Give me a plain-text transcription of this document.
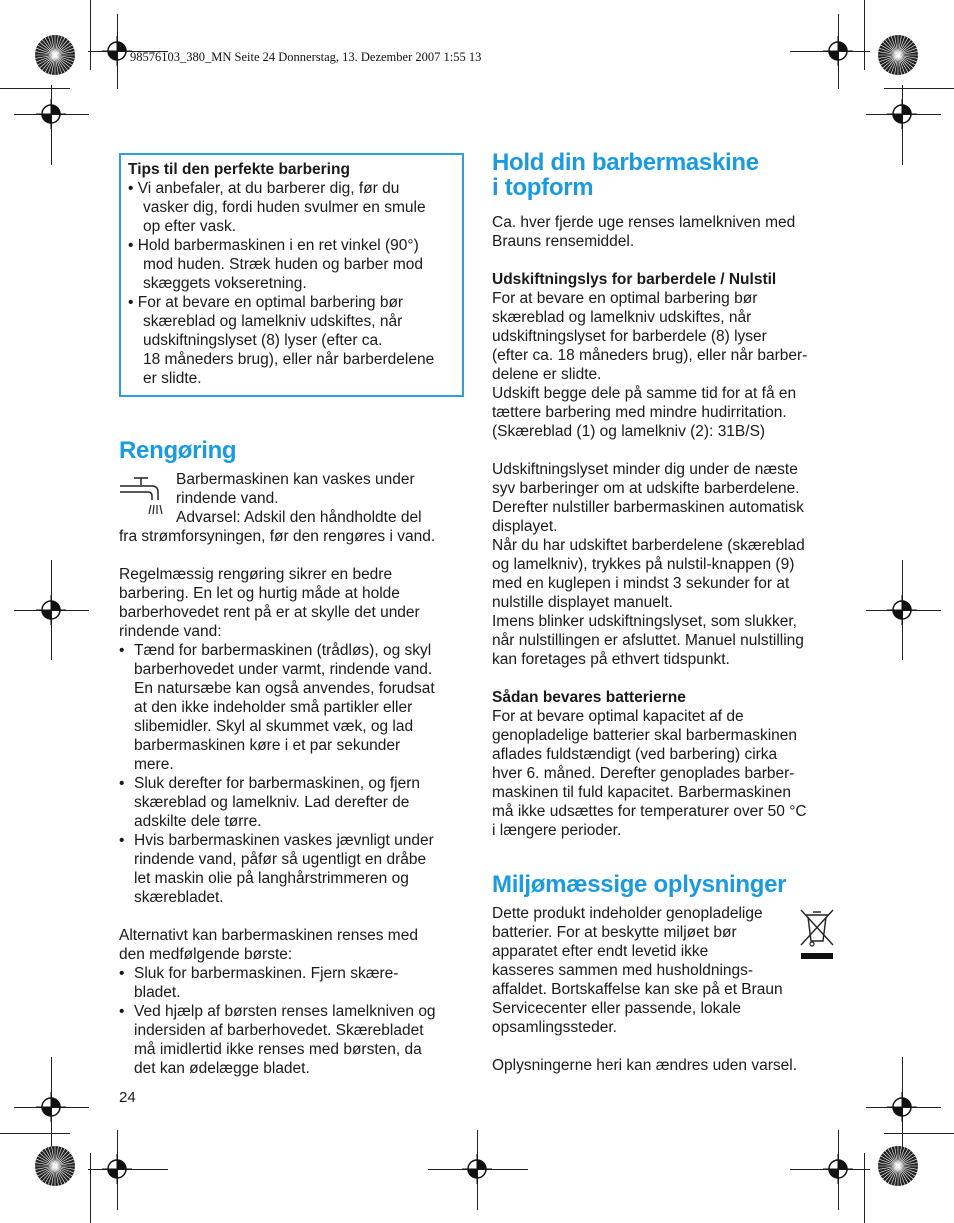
98576103_380_MN Seite 24 Donnerstag, 13. Dezember 2007 1:55 13
Tips til den perfekte barbering
• Vi anbefaler, at du barberer dig, før du
vasker dig, fordi huden svulmer en smule
op efter vask.
• Hold barbermaskinen i en ret vinkel (90°)
mod huden. Stræk huden og barber mod
skæggets vokseretning.
• For at bevare en optimal barbering bør
skæreblad og lamelkniv udskiftes, når
udskiftningslyset (8) lyser (efter ca.
18 måneders brug), eller når barberdelene
er slidte.
Rengøring
Barbermaskinen kan vaskes under
rindende vand.
Advarsel: Adskil den håndholdte del
fra strømforsyningen, før den rengøres i vand.
Regelmæssig rengøring sikrer en bedre
barbering. En let og hurtig måde at holde
barberhovedet rent på er at skylle det under
rindende vand:
• Tænd for barbermaskinen (trådløs), og skyl
barberhovedet under varmt, rindende vand.
En natursæbe kan også anvendes, forudsat
at den ikke indeholder små partikler eller
slibemidler. Skyl al skummet væk, og lad
barbermaskinen køre i et par sekunder
mere.
• Sluk derefter for barbermaskinen, og fjern
skæreblad og lamelkniv. Lad derefter de
adskilte dele tørre.
• Hvis barbermaskinen vaskes jævnligt under
rindende vand, påfør så ugentligt en dråbe
let maskin olie på langhårstrimmeren og
skærebladet.
Alternativt kan barbermaskinen renses med
den medfølgende børste:
• Sluk for barbermaskinen. Fjern skære-
bladet.
• Ved hjælp af børsten renses lamelkniven og
indersiden af barberhovedet. Skærebladet
må imidlertid ikke renses med børsten, da
det kan ødelægge bladet.
24
Hold din barbermaskine
i topform
Ca. hver fjerde uge renses lamelkniven med
Brauns rensemiddel.
Udskiftningslys for barberdele / Nulstil
For at bevare en optimal barbering bør
skæreblad og lamelkniv udskiftes, når
udskiftningslyset for barberdele (8) lyser
(efter ca. 18 måneders brug), eller når barber-
delene er slidte.
Udskift begge dele på samme tid for at få en
tættere barbering med mindre hudirritation.
(Skæreblad (1) og lamelkniv (2): 31B/S)
Udskiftningslyset minder dig under de næste
syv barberinger om at udskifte barberdelene.
Derefter nulstiller barbermaskinen automatisk
displayet.
Når du har udskiftet barberdelene (skæreblad
og lamelkniv), trykkes på nulstil-knappen (9)
med en kuglepen i mindst 3 sekunder for at
nulstille displayet manuelt.
Imens blinker udskiftningslyset, som slukker,
når nulstillingen er afsluttet. Manuel nulstilling
kan foretages på ethvert tidspunkt.
Sådan bevares batterierne
For at bevare optimal kapacitet af de
genopladelige batterier skal barbermaskinen
aflades fuldstændigt (ved barbering) cirka
hver 6. måned. Derefter genoplades barber-
maskinen til fuld kapacitet. Barbermaskinen
må ikke udsættes for temperaturer over 50 °C
i længere perioder.
Miljømæssige oplysninger
Dette produkt indeholder genopladelige
batterier. For at beskytte miljøet bør
apparatet efter endt levetid ikke
kasseres sammen med husholdnings-
affaldet. Bortskaffelse kan ske på et Braun
Servicecenter eller passende, lokale
opsamlingssteder.
Oplysningerne heri kan ændres uden varsel.
